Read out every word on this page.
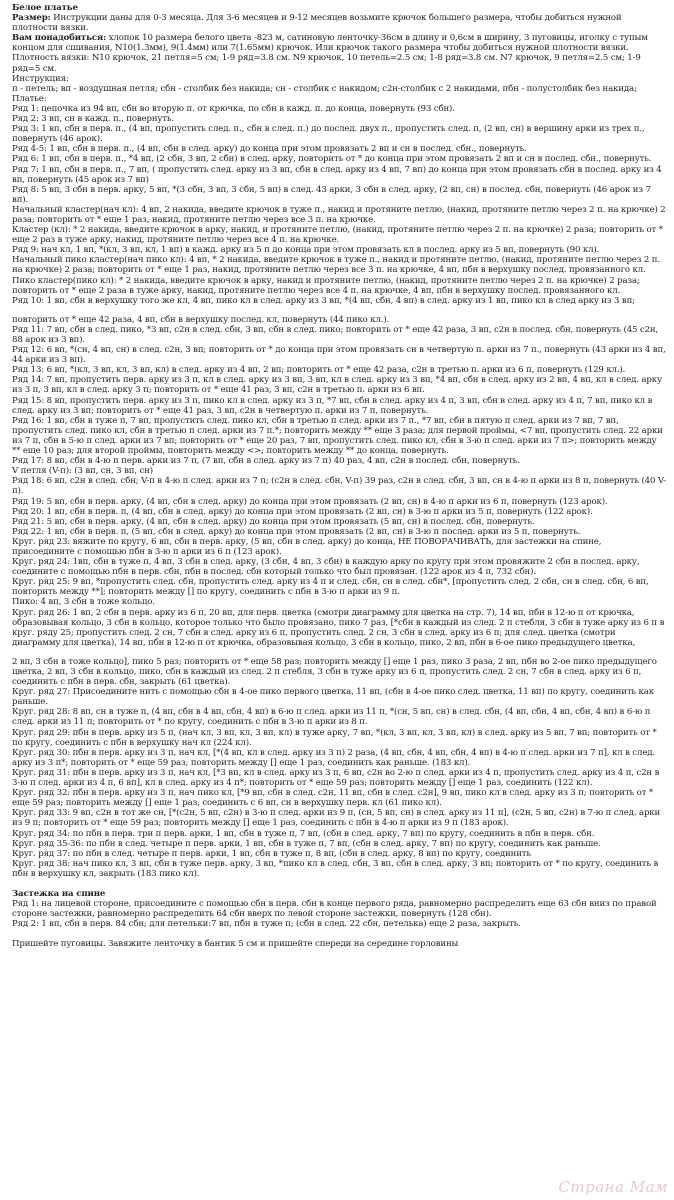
Белое платье

Размер: Инструкции даны для 0-3 месяца. Для 3-6 месяцев и 9-12 месяцев возьмите крючок большего размера, чтобы добиться нужной плотности вязки.

Вам понадобиться: хлопок 10 размера белого цвета -823 м, сатиновую ленточку-36см в длину и 0,6см в ширину, 3 пуговицы, иголку с тупым концом для сшивания, N10(1.3мм), 9(1.4мм) или 7(1.65мм) крючок. Или крючок такого размера чтобы добиться нужной плотности вязки.

Плотность вязки: N10 крючок, 21 петля=5 см; 1-9 ряд=3.8 см. N9 крючок, 10 петель=2.5 см; 1-8 ряд=3.8 см. N7 крючок, 9 петля=2.5 см; 1-9 ряд=5 см.

Инструкция:

п - петель; вп - воздушная петля; сбн - столбик без накида; сн - столбик с накидом; с2н-столбик с 2 накидами, пбн - полустолбик без накида;

Платье:

Ряд 1: цепочка из 94 вп, сбн во вторую п. от крючка, по сбн в кажд. п. до конца, повернуть (93 сбн).

Ряд 2: 3 вп, сн в кажд. п., повернуть.

Ряд 3: 1 вп, сбн в перв. п., (4 вп, пропустить след. п., сбн в след. п.) до послед. двух п., пропустить след. п, (2 вп, сн) в вершину арки из трех п., повернуть (46 арок).

Ряд 4-5: 1 вп, сбн в перв. п., (4 вп, сбн в след. арку) до конца при этом провязать 2 вп и сн в послед. сбн., повернуть.

Ряд 6: 1 вп, сбн в перв. п., *4 вп, (2 сбн, 3 вп, 2 сбн) в след. арку, повторить от * до конца при этом провязать 2 вп и сн в послед. сбн., повернуть.

Ряд 7: 1 вп, сбн в перв. п., 7 вп, ( пропустить след. арку из 3 вп, сбн в след. арку из 4 вп, 7 вп) до конца при этом провязать сбн в послед. арку из 4 вп, повернуть (45 арок из 7 вп)

Ряд 8: 5 вп, 3 сбн в перв. арку, 5 вп, *(3 сбн, 3 вп, 3 сбн, 5 вп) в след. 43 арки, 3 сбн в след. арку, (2 вп, сн) в послед. сбн, повернуть (46 арок из 7 вп).

Начальный кластер(нач кл): 4 вп, 2 накида, введите крючок в туже п., накид и протяните петлю, (накид, протяните петлю через 2 п. на крючке) 2 раза; повторить от * еще 1 раз, накид, протяните петлю через все 3 п. на крючке.

Кластер (кл): * 2 накида, введите крючок в арку, накид, и протяните петлю, (накид, протяните петлю через 2 п. на крючке) 2 раза; повторить от * еще 2 раз в туже арку, накид, протяните петлю через все 4 п. на крючке.

Ряд 9: нач кл, 1 вп, *(кл, 3 вп, кл, 1 вп) в кажд. арку из 5 п до конца при этом провязать кл в послед. арку из 5 вп, повернуть (90 кл).

Начальный пико кластер(нач пико кл): 4 вп, * 2 накида, введите крючок в туже п., накид и протяните петлю, (накид, протяните петлю через 2 п. на крючке) 2 раза; повторить от * еще 1 раз, накид, протяните петлю через все 3 п. на крючке, 4 вп, пбн в верхушку послед. провязанного кл.

Пико кластер(пико кл): * 2 накида, введите крючок в арку, накид и протяните петлю, (накид, протяните петлю через 2 п. на крючке) 2 раза; повторить от * еще 2 раза в туже арку, накид, протяните петлю через все 4 п. на крючке, 4 вп, пбн в верхушку послед. провязанного кл.

Ряд 10: 1 вп, сбн в верхушку того же кл, 4 вп, пико кл в след. арку из 3 вп, *(4 вп, сбн, 4 вп) в след. арку из 1 вп, пико кл в след арку из 3 вп;

повторить от * еще 42 раза, 4 вп, сбн в верхушку послед. кл, повернуть (44 пико кл.).

Ряд 11: 7 вп, сбн в след. пико, *3 вп, с2н в след. сбн, 3 вп, сбн в след. пико; повторить от * еще 42 раза, 3 вп, с2н в послед. сбн, повернуть (45 с2н, 88 арок из 3 вп).

Ряд 12: 6 вп, *(сн, 4 вп, сн) в след. с2н, 3 вп; повторить от * до конца при этом провязать сн в четвертую п. арки из 7 п., повернуть (43 арки из 4 вп, 44 арки из 3 вп).

Ряд 13: 6 вп, *(кл, 3 вп, кл, 3 вп, кл) в след. арку из 4 вп, 2 вп; повторить от * еще 42 раза, с2н в третью п. арки из 6 п, повернуть (129 кл.).

Ряд 14: 7 вп, пропустить перв. арку из 3 п, кл в след. арку из 3 вп, 3 вп, кл в след. арку из 3 вп, *4 вп, сбн в след. арку из 2 вп, 4 вп, кл в след. арку из 3 п, 3 вп, кл в след. арку 3 п; повторить от * еще 41 раз, 3 вп, с2н в третью п. арки из 6 вп.

Ряд 15: 8 вп, пропустить перв. арку из 3 п, пико кл в след. арку из 3 п, *7 вп, сбн в след. арку из 4 п, 3 вп, сбн в след. арку из 4 п, 7 вп, пико кл в след. арку из 3 вп; повторить от * еще 41 раз, 3 вп, с2н в четвертую п. арки из 7 п, повернуть.

Ряд 16: 1 вп, сбн в туже п, 7 вп, пропустить след. пико кл, сбн в третью п след. арки из 7 п., *7 вп, сбн в пятую п след. арки из 7 вп, 7 вп, пропустить след. пико кл, сбн в третью п след. арки из 7 п.*; повторить между ** еще 3 раза; для первой проймы, <7 вп, пропустить след. 22 арки из 7 п, сбн в 5-ю п след. арки из 7 вп; повторить от * еще 20 раз, 7 вп, пропустить след. пико кл, сбн в 3-ю п след. арки из 7 п>; повторить между ** еще 10 раз; для второй проймы, повторить между <>; повторить между ** до конца, повернуть.

Ряд 17: 8 вп, сбн в 4-ю п перв. арки из 7 п, (7 вп, сбн в след. арку из 7 п) 40 раз, 4 вп, с2н в послед. сбн, повернуть.

V петля (V-п): (3 вп, сн, 3 вп, сн)

Ряд 18: 6 вп, с2н в след. сбн; V-п в 4-ю п след. арки из 7 п; (с2н в след. сбн, V-п) 39 раз, с2н в след. сбн, 3 вп, сн в 4-ю п арки из 8 п, повернуть (40 V-п).

Ряд 19: 5 вп, сбн в перв. арку, (4 вп, сбн в след. арку) до конца при этом провязать (2 вп, сн) в 4-ю п арки из 6 п, повернуть (123 арок).

Ряд 20: 1 вп, сбн в перв. п, (4 вп, сбн в след. арку) до конца при этом провязать (2 вп, сн) в 3-ю п арки из 5 п, повернуть (122 арок).

Ряд 21: 5 вп, сбн в перв. арку, (4 вп, сбн в след. арку) до конца при этом провязать (5 вп, сн) в послед. сбн, повернуть.

Ряд 22: 1 вп, сбн в перв. п, (5 вп, сбн в след. арку) до конца при этом провязать (2 вп, сн) в 3-ю п послед. арки из 5 п, повернуть.

Круг. ряд 23: вяжите по кругу, 6 вп, сбн в перв. арку, (5 вп, сбн в след. арку) до конца, НЕ ПОВОРАЧИВАТЬ, для застежки на спине, присоедините с помощью пбн в 3-ю п арки из 6 п (123 арок).

Круг. ряд 24: 1вп, сбн в туже п, 4 вп, 3 сбн в след. арку, (3 сбн, 4 вп, 3 сбн) в каждую арку по кругу при этом провяжите 2 сбн в послед. арку, соедините с помощью пбн в перв. сбн, пбн в послед. сбн который только что был провязан. (122 арок из 4 п, 732 сбн).

Круг. ряд 25: 9 вп, *пропустить след. сбн, пропустить след. арку из 4 п и след. сбн, сн в след. сбн*, [пропустить след. 2 сбн, сн в след. сбн, 6 вп, повторить между **]; повторить между [] по кругу, соединить с пбн в 3-ю п арки из 9 п.

Пико: 4 вп, 3 сбн в тоже кольцо.

Круг. ряд 26: 1 вп, 2 сбн в перв. арку из 6 п, 20 вп, для перв. цветка (смотри диаграмму для цветка на стр. 7), 14 вп, пбн в 12-ю п от крючка, образовывая кольцо, 3 сбн в кольцо, которое только что было провязано, пико 7 раз, [*сбн в каждый из след. 2 п стебля, 3 сбн в туже арку из 6 п в круг. ряду 25; пропустить след. 2 сн, 7 сбн в след. арку из 6 п, пропустить след. 2 сн, 3 сбн в след. арку из 6 п; для след. цветка (смотри диаграмму для цветка), 14 вп, пбн в 12-ю п от крючка, образовывая кольцо, 3 сбн в кольцо, пико, 2 вп, пбн в 6-ое пико предыдущего цветка,

2 вп, 3 сбн в тоже кольцо], пико 5 раз; повторить от * еще 58 раз; повторить между [] еще 1 раз, пико 3 раза, 2 вп, пбн во 2-ое пико предыдущего цветка, 2 вп, 3 сбн в кольцо, пико, сбн в каждый из след. 2 п стебля, 3 сбн в туже арку из 6 п, пропустить след. 2 сн, 7 сбн в след. арку из 6 п, соединить с пбн в перв. сбн, закрыть (61 цветка).

Круг. ряд 27: Присоедините нить с помощью сбн в 4-ое пико первого цветка, 11 вп, (сбн в 4-ое пико след. цветка, 11 вп) по кругу, соединить как раньше.

Круг. ряд 28: 8 вп, сн в туже п, (4 вп, сбн в 4 вп, сбн, 4 вп) в 6-ю п след. арки из 11 п, *(сн, 5 вп, сн) в след. сбн, (4 вп, сбн, 4 вп, сбн, 4 вп) в 6-ю п след. арки из 11 п; повторить от * по кругу, соединить с пбн в 3-ю п арки из 8 п.

Круг. ряд 29: пбн в перв. арку из 5 п, (нач кл, 3 вп, кл, 3 вп, кл) в туже арку, 7 вп, *(кл, 3 вп, кл, 3 вп, кл) в след. арку из 5 вп, 7 вп; повторить от * по кругу, соединить с пбн в верхушку нач кл (224 кл).

Круг. ряд 30: пбн в перв. арку из 3 п, нач кл, [*(4 вп, кл в след. арку из 3 п) 2 раза, (4 вп, сбн, 4 вп, сбн, 4 вп) в 4-ю п след. арки из 7 п], кл в след. арку из 3 п*; повторить от * еще 59 раз; повторить между [] еще 1 раз, соединить как раньше. (183 кл).

Круг. ряд 31: пбн в перв. арку из 3 п, нач кл, [*3 вп, кл в след. арку из 3 п, 6 вп, с2н во 2-ю п след. арки из 4 п, пропустить след. арку из 4 п, с2н в 3-ю п след. арки из 4 п, 6 вп], кл в след. арку из 4 п*; повторить от * еще 59 раз; повторить между [] еще 1 раз, соединить (122 кл).

Круг. ряд 32: пбн в перв. арку из 3 п, нач пико кл, [*9 вп, сбн в след. с2н, 11 вп, сбн в след. с2н], 9 вп, пико кл в след. арку из 3 п; повторить от * еще 59 раз; повторить между [] еще 1 раз, соединить с 6 вп, сн в верхушку перв. кл (61 пико кл).

Круг. ряд 33: 9 вп, с2н в тот же сн, [*(с2н, 5 вп, с2н) в 3-ю п след. арки из 9 п, (сн, 5 вп, сн) в след. арку из 11 п], (с2н, 5 вп, с2н) в 7-ю п след. арки из 9 п; повторить от * еще 59 раз; повторить между [] еще 1 раз, соединить с пбн в 4-ю п арки из 9 п (183 арок).

Круг. ряд 34: по пбн в перв. три п перв. арки, 1 вп, сбн в туже п, 7 вп, (сбн в след. арку, 7 вп) по кругу, соединить в пбн в перв. сбн.

Круг. ряд 35-36: по пбн в след. четыре п перв. арки, 1 вп, сбн в туже п, 7 вп, (сбн в след. арку, 7 вп) по кругу, соединить как раньше.

Круг. ряд 37: по пбн в след. четыре п перв. арки, 1 вп, сбн в туже п, 8 вп, (сбн в след. арку, 8 вп) по кругу, соединить

Круг. ряд 38: нач пико кл, 3 вп, сбн в туже перв. арку, 3 вп, *пико кл в след. сбн, 3 вп, сбн в след. арку, 3 вп; повторить от * по кругу, соединить в пбн в верхушку кл, закрыть (183 пико кл).

Застежка на спине

Ряд 1: на лицевой стороне, присоедините с помощью сбн в перв. сбн в конце первого ряда, равномерно распределить еще 63 сбн вниз по правой стороне застежки, равномерно распределить 64 сбн вверх по левой стороне застежки, повернуть (128 сбн).

Ряд 2: 1 вп, сбн в перв. 84 сбн; для петельки:7 вп, пбн в туже п; (сбн в след. 22 сбн, петелька) еще 2 раза, закрыть.

Пришейте пуговицы. Завяжите ленточку в бантик 5 см и пришейте спереди на середине горловины

Страна Мам
